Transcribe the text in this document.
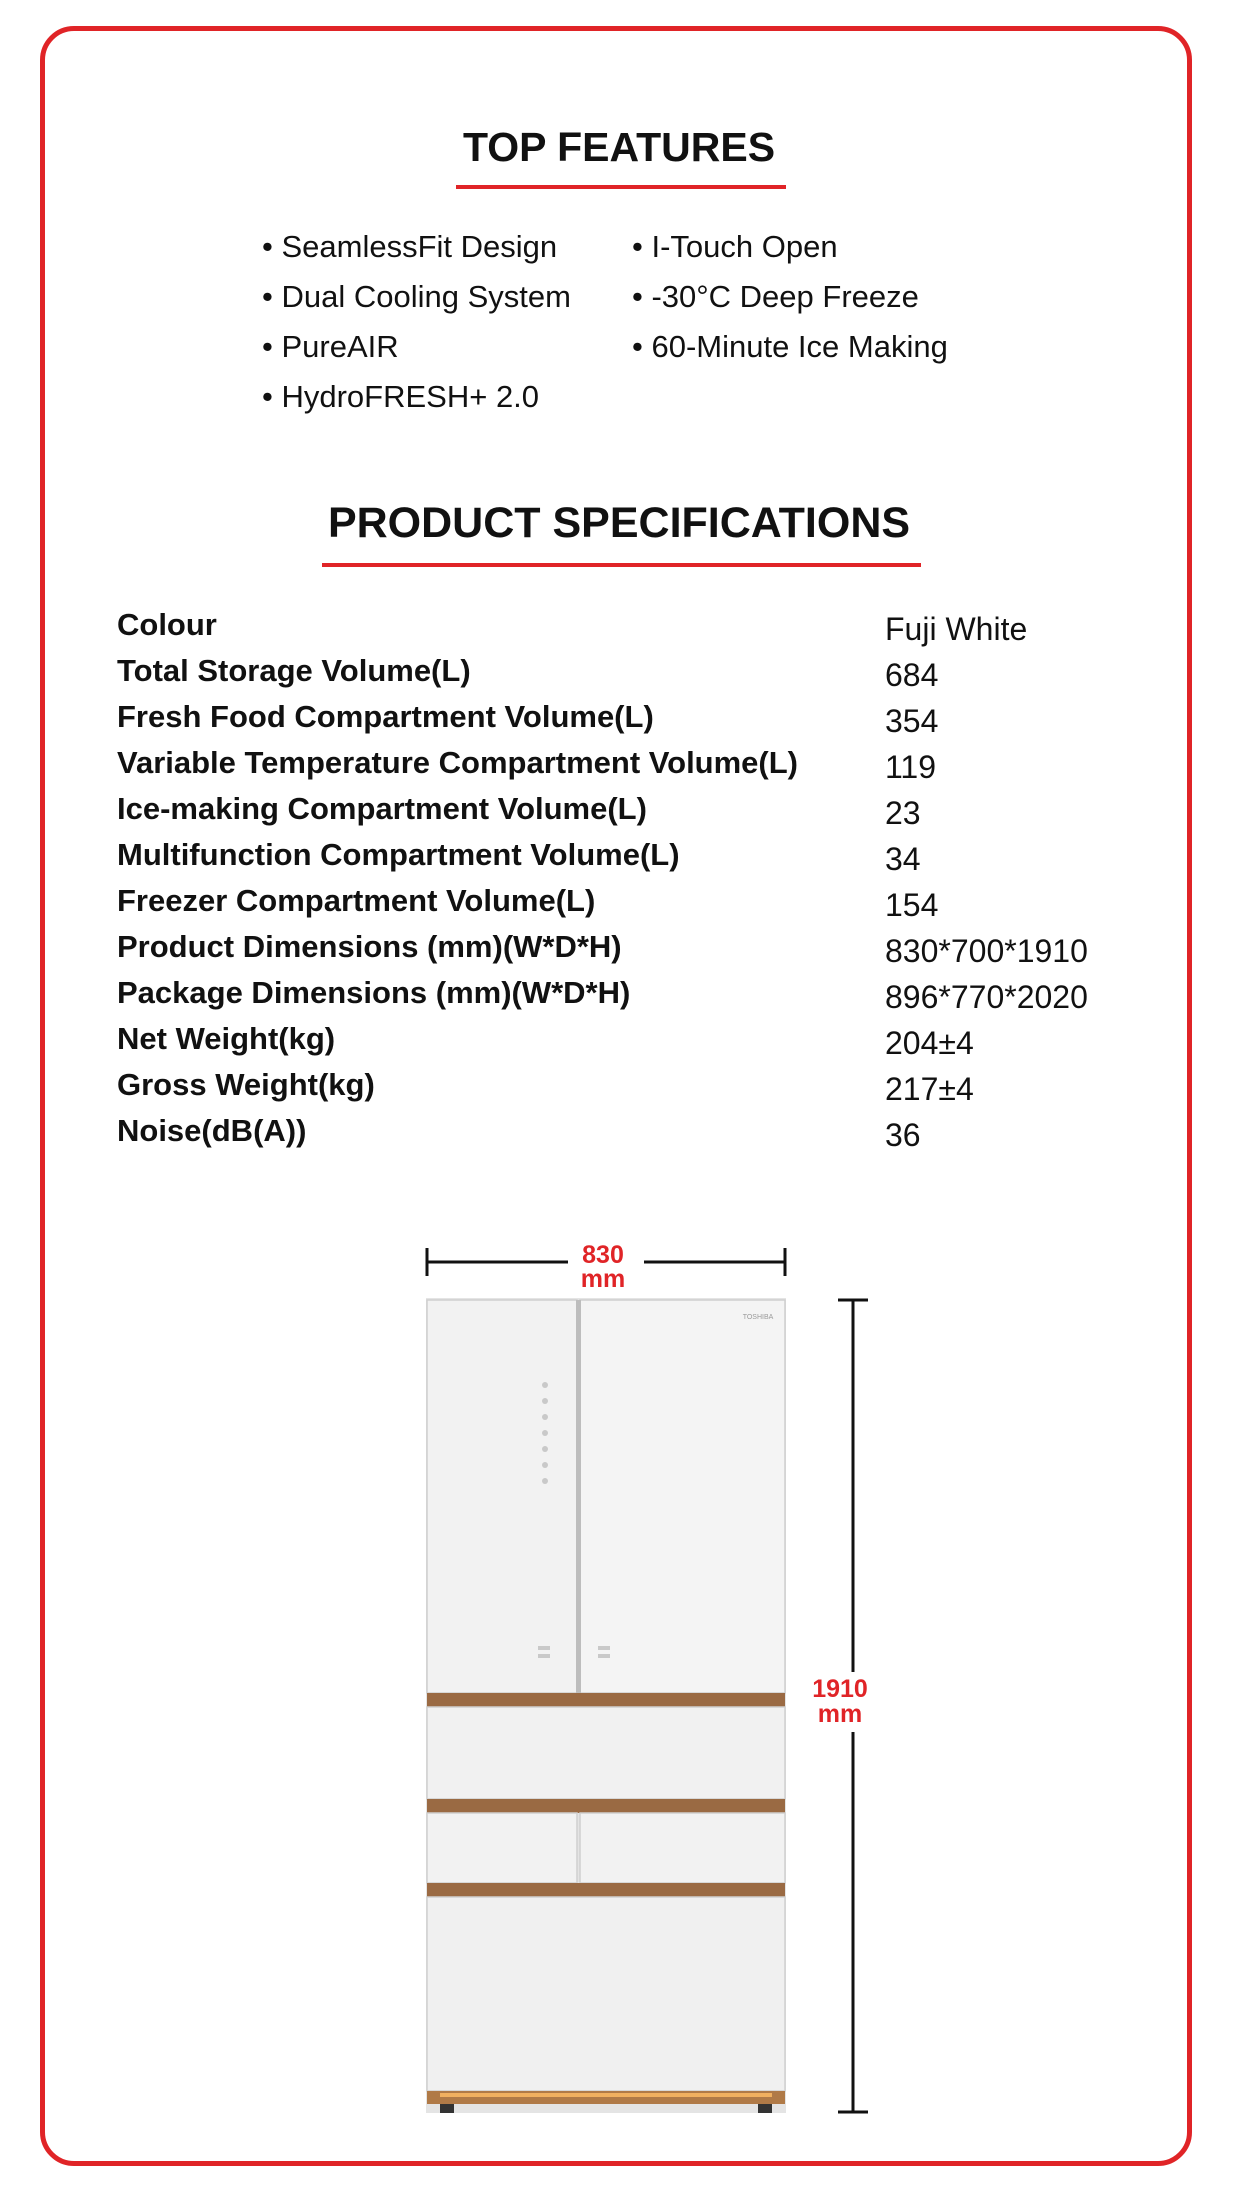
TOP FEATURES
• SeamlessFit Design
• Dual Cooling System
• PureAIR
• HydroFRESH+ 2.0
• I-Touch Open
• -30°C Deep Freeze
• 60-Minute Ice Making
PRODUCT SPECIFICATIONS
Colour	Fuji White
Total Storage Volume(L)	684
Fresh Food Compartment Volume(L)	354
Variable Temperature Compartment Volume(L)	119
Ice-making Compartment Volume(L)	23
Multifunction Compartment Volume(L)	34
Freezer Compartment Volume(L)	154
Product Dimensions (mm)(W*D*H)	830*700*1910
Package Dimensions (mm)(W*D*H)	896*770*2020
Net Weight(kg)	204±4
Gross Weight(kg)	217±4
Noise(dB(A))	36
830
mm
1910
mm
TOSHIBA
